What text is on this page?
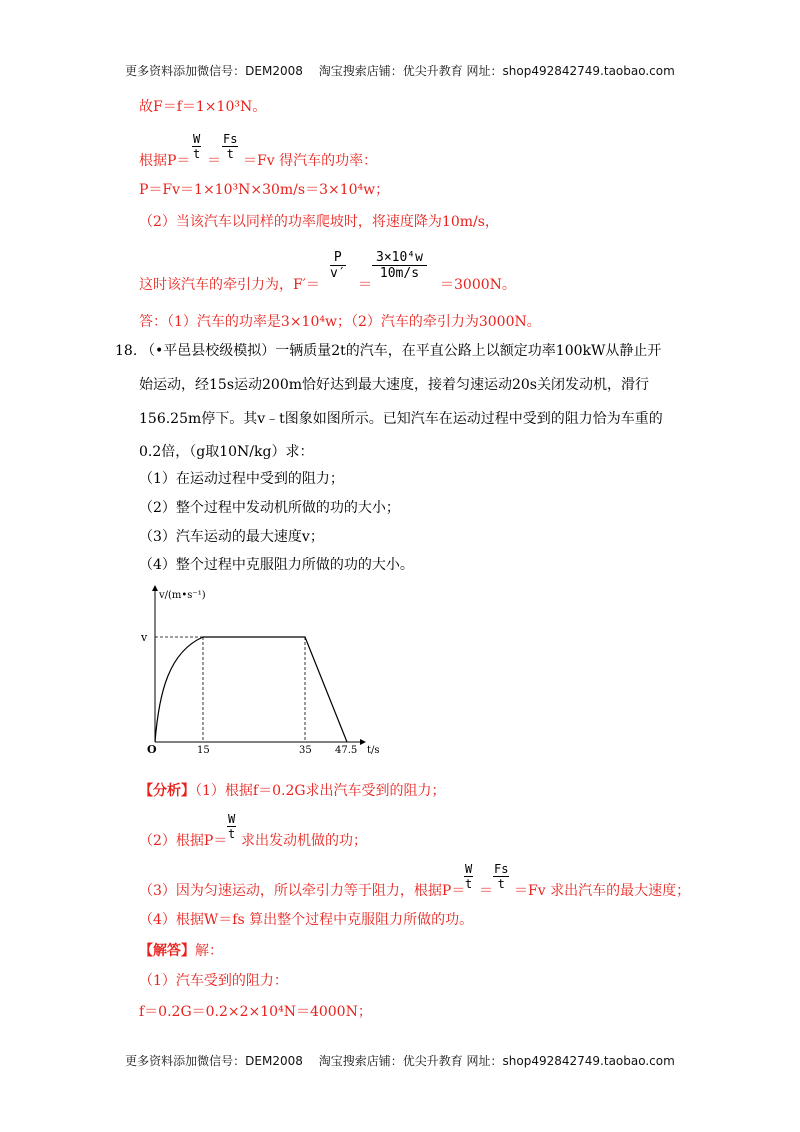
更多资料添加微信号：DEM2008　 淘宝搜索店铺：优尖升教育 网址：shop492842749.taobao.com
故F＝f＝1×10³N。
根据$P= \frac{W}{t} = \frac{Fs}{t} =Fv$ 得汽车的功率：
P＝Fv＝1×10³N×30m/s＝3×10⁴w；
（2）当该汽车以同样的功率爬坡时，将速度降为10m/s，
这时该汽车的牵引力为，F′＝
$\frac{P}{v'}$
＝
$\frac{\text{3×10⁴w}}{10m/s}$
＝3000N。
答：（1）汽车的功率是3×10⁴w；（2）汽车的牵引力为3000N。
18. （•平邑县校级模拟）一辆质量2t的汽车，在平直公路上以额定功率100kW从静止开
始运动，经15s运动200m恰好达到最大速度，接着匀速运动20s关闭发动机，滑行
156.25m停下。其v﹣t图象如图所示。已知汽车在运动过程中受到的阻力恰为车重的
0.2倍，（g取10N/kg）求：
（1）在运动过程中受到的阻力；
（2）整个过程中发动机所做的功的大小；
（3）汽车运动的最大速度v；
（4）整个过程中克服阻力所做的功的大小。
v/(m•s⁻¹)
v
O	15	35 47.5 t/s
【分析】（1）根据f＝0.2G求出汽车受到的阻力；
（2）根据$P= \frac{W}{t}$ 求出发动机做的功；
（3）因为匀速运动，所以牵引力等于阻力，根据P＝
$\frac{W}{t} = \frac{Fs}{t} =Fv$ 求出汽车的最大速度；
（4）根据W＝fs 算出整个过程中克服阻力所做的功。
【解答】解：
（1）汽车受到的阻力：
f＝0.2G＝0.2×2×10⁴N＝4000N；
更多资料添加微信号：DEM2008　 淘宝搜索店铺：优尖升教育 网址：shop492842749.taobao.com
